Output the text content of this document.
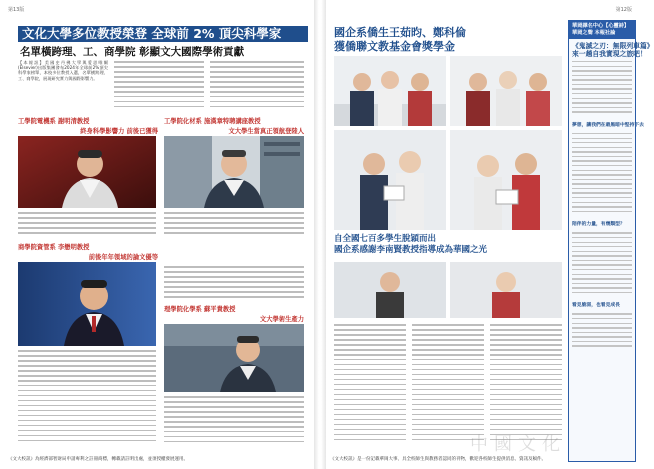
第13版
文化大學多位教授榮登 全球前 2% 頂尖科學家
名單橫跨理、工、商學院 彰顯文大國際學術貢獻
【本報訊】美國史丹佛大學與愛思唯爾(Elsevier)出版集團發布2024年全球前2%頂尖科學家榜單，本校多位教授入選，名單橫跨理、工、商學院，展現研究實力與國際影響力。
工學院電機系 謝明清教授
終身科學影響力 前後已獲得
工學院化材系 施漢章特聘講座教授
文大學生當真正領航登陸人
商學院資管系 李懋明教授
前後年年領域的論文優等
理學院化學系 蘇平貴教授
文大學術生產力
《文大校訊》為經濟部智財局申請專利之註冊商標，轉載請註明出處，並須授權發展運用。
第12版
國企系僑生王茹昀、鄭科倫
獲僑聯文教基金會獎學金
自全國七百多學生脫穎而出
國企系感謝李南賢教授指導成為華國之光
華岡譯名中心【心靈詩】
華岡之聲 本報社論
《鬼滅之刃：無限列車篇》
來一趟自我實現之旅吧！
夢想，讓我們在最黑暗中堅持下去
陪伴的力量，有幾類型？
看見脆弱，也看見成長
《文大校訊》是一份記載華岡大事、具全校師生與教務者認同的刊物，歡迎各校師生提供消息、資訊及稿件。
中國文化
